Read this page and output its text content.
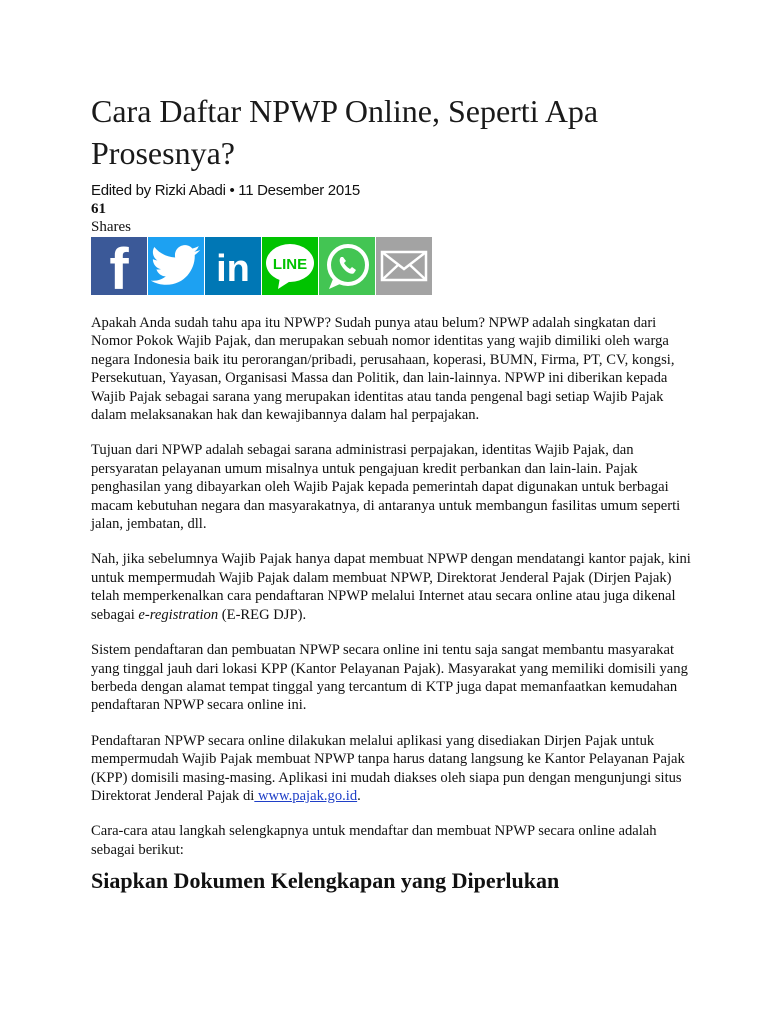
Cara Daftar NPWP Online, Seperti Apa Prosesnya?
Edited by Rizki Abadi • 11 Desember 2015
61
Shares
f in LINE

Apakah Anda sudah tahu apa itu NPWP? Sudah punya atau belum? NPWP adalah singkatan dari Nomor Pokok Wajib Pajak, dan merupakan sebuah nomor identitas yang wajib dimiliki oleh warga negara Indonesia baik itu perorangan/pribadi, perusahaan, koperasi, BUMN, Firma, PT, CV, kongsi, Persekutuan, Yayasan, Organisasi Massa dan Politik, dan lain-lainnya. NPWP ini diberikan kepada Wajib Pajak sebagai sarana yang merupakan identitas atau tanda pengenal bagi setiap Wajib Pajak dalam melaksanakan hak dan kewajibannya dalam hal perpajakan.

Tujuan dari NPWP adalah sebagai sarana administrasi perpajakan, identitas Wajib Pajak, dan persyaratan pelayanan umum misalnya untuk pengajuan kredit perbankan dan lain-lain. Pajak penghasilan yang dibayarkan oleh Wajib Pajak kepada pemerintah dapat digunakan untuk berbagai macam kebutuhan negara dan masyarakatnya, di antaranya untuk membangun fasilitas umum seperti jalan, jembatan, dll.

Nah, jika sebelumnya Wajib Pajak hanya dapat membuat NPWP dengan mendatangi kantor pajak, kini untuk mempermudah Wajib Pajak dalam membuat NPWP, Direktorat Jenderal Pajak (Dirjen Pajak) telah memperkenalkan cara pendaftaran NPWP melalui Internet atau secara online atau juga dikenal sebagai e-registration (E-REG DJP).

Sistem pendaftaran dan pembuatan NPWP secara online ini tentu saja sangat membantu masyarakat yang tinggal jauh dari lokasi KPP (Kantor Pelayanan Pajak). Masyarakat yang memiliki domisili yang berbeda dengan alamat tempat tinggal yang tercantum di KTP juga dapat memanfaatkan kemudahan pendaftaran NPWP secara online ini.

Pendaftaran NPWP secara online dilakukan melalui aplikasi yang disediakan Dirjen Pajak untuk mempermudah Wajib Pajak membuat NPWP tanpa harus datang langsung ke Kantor Pelayanan Pajak (KPP) domisili masing-masing. Aplikasi ini mudah diakses oleh siapa pun dengan mengunjungi situs Direktorat Jenderal Pajak di www.pajak.go.id.

Cara-cara atau langkah selengkapnya untuk mendaftar dan membuat NPWP secara online adalah sebagai berikut:

Siapkan Dokumen Kelengkapan yang Diperlukan
